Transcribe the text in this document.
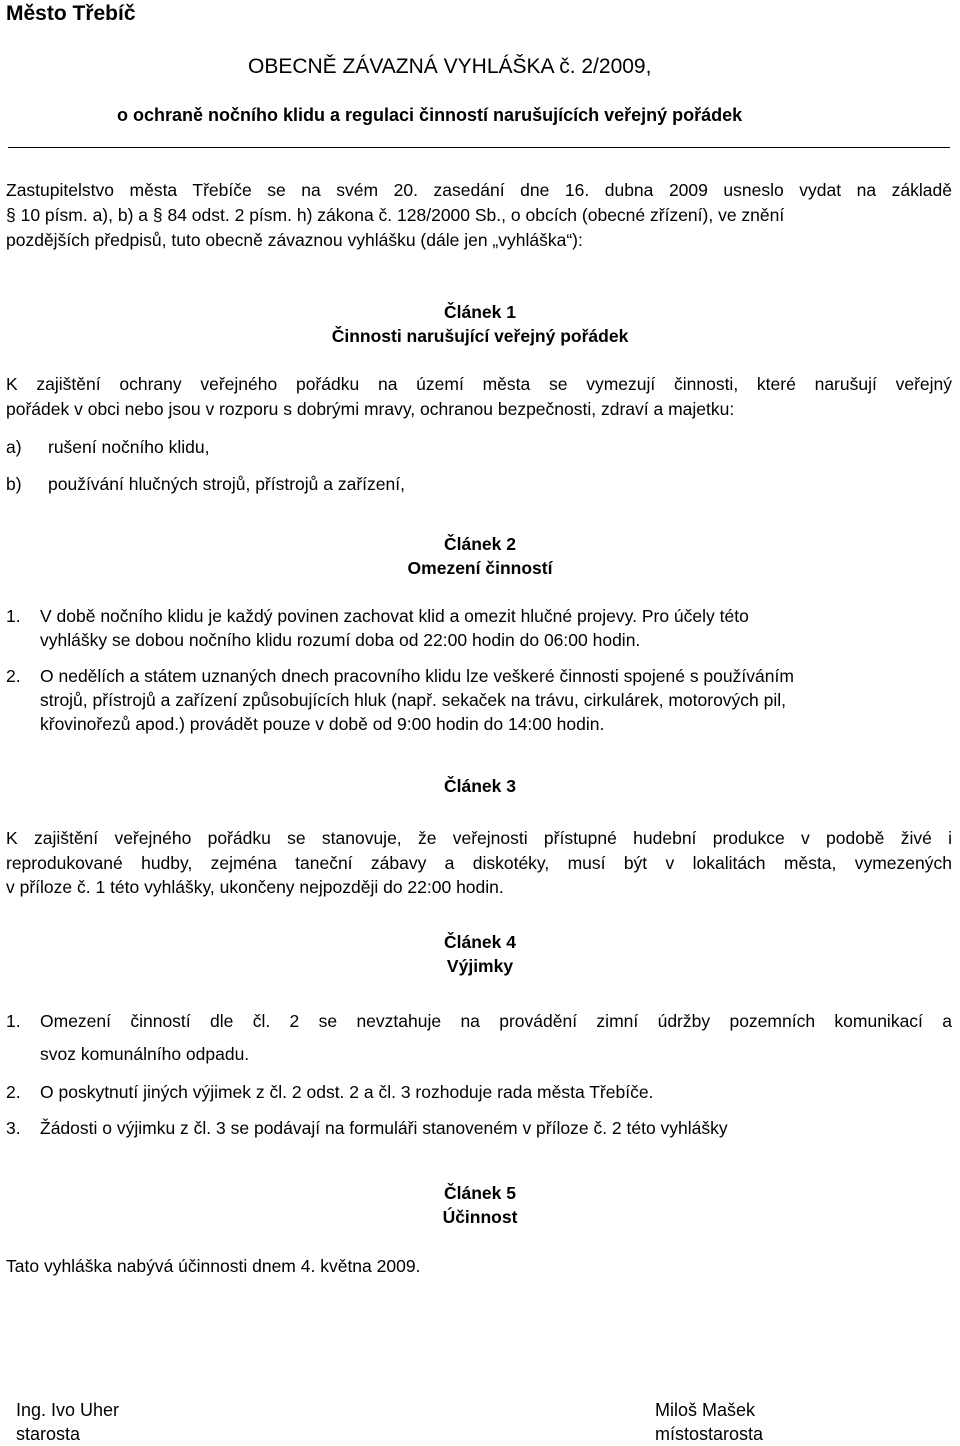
Město Třebíč
OBECNĚ ZÁVAZNÁ VYHLÁŠKA č. 2/2009,
o ochraně nočního klidu a regulaci činností narušujících veřejný pořádek
Zastupitelstvo města Třebíče se na svém 20. zasedání dne 16. dubna 2009 usneslo vydat na základě
§ 10 písm. a), b) a § 84 odst. 2 písm. h) zákona č. 128/2000 Sb., o obcích (obecné zřízení), ve znění
pozdějších předpisů, tuto obecně závaznou vyhlášku (dále jen „vyhláška“):
Článek 1
Činnosti narušující veřejný pořádek
K zajištění ochrany veřejného pořádku na území města se vymezují činnosti, které narušují veřejný
pořádek v obci nebo jsou v rozporu s dobrými mravy, ochranou bezpečnosti, zdraví a majetku:
a) rušení nočního klidu,
b) používání hlučných strojů, přístrojů a zařízení,
Článek 2
Omezení činností
1. V době nočního klidu je každý povinen zachovat klid a omezit hlučné projevy. Pro účely této
vyhlášky se dobou nočního klidu rozumí doba od 22:00 hodin do 06:00 hodin.
2. O nedělích a státem uznaných dnech pracovního klidu lze veškeré činnosti spojené s používáním
strojů, přístrojů a zařízení způsobujících hluk (např. sekaček na trávu, cirkulárek, motorových pil,
křovinořezů apod.) provádět pouze v době od 9:00 hodin do 14:00 hodin.
Článek 3
K zajištění veřejného pořádku se stanovuje, že veřejnosti přístupné hudební produkce v podobě živé i
reprodukované hudby, zejména taneční zábavy a diskotéky, musí být v lokalitách města, vymezených
v příloze č. 1 této vyhlášky, ukončeny nejpozději do 22:00 hodin.
Článek 4
Výjimky
1. Omezení činností dle čl. 2 se nevztahuje na provádění zimní údržby pozemních komunikací a
svoz komunálního odpadu.
2. O poskytnutí jiných výjimek z čl. 2 odst. 2 a čl. 3 rozhoduje rada města Třebíče.
3. Žádosti o výjimku z čl. 3 se podávají na formuláři stanoveném v příloze č. 2 této vyhlášky
Článek 5
Účinnost
Tato vyhláška nabývá účinnosti dnem 4. května 2009.
Ing. Ivo Uher
starosta
Miloš Mašek
místostarosta
